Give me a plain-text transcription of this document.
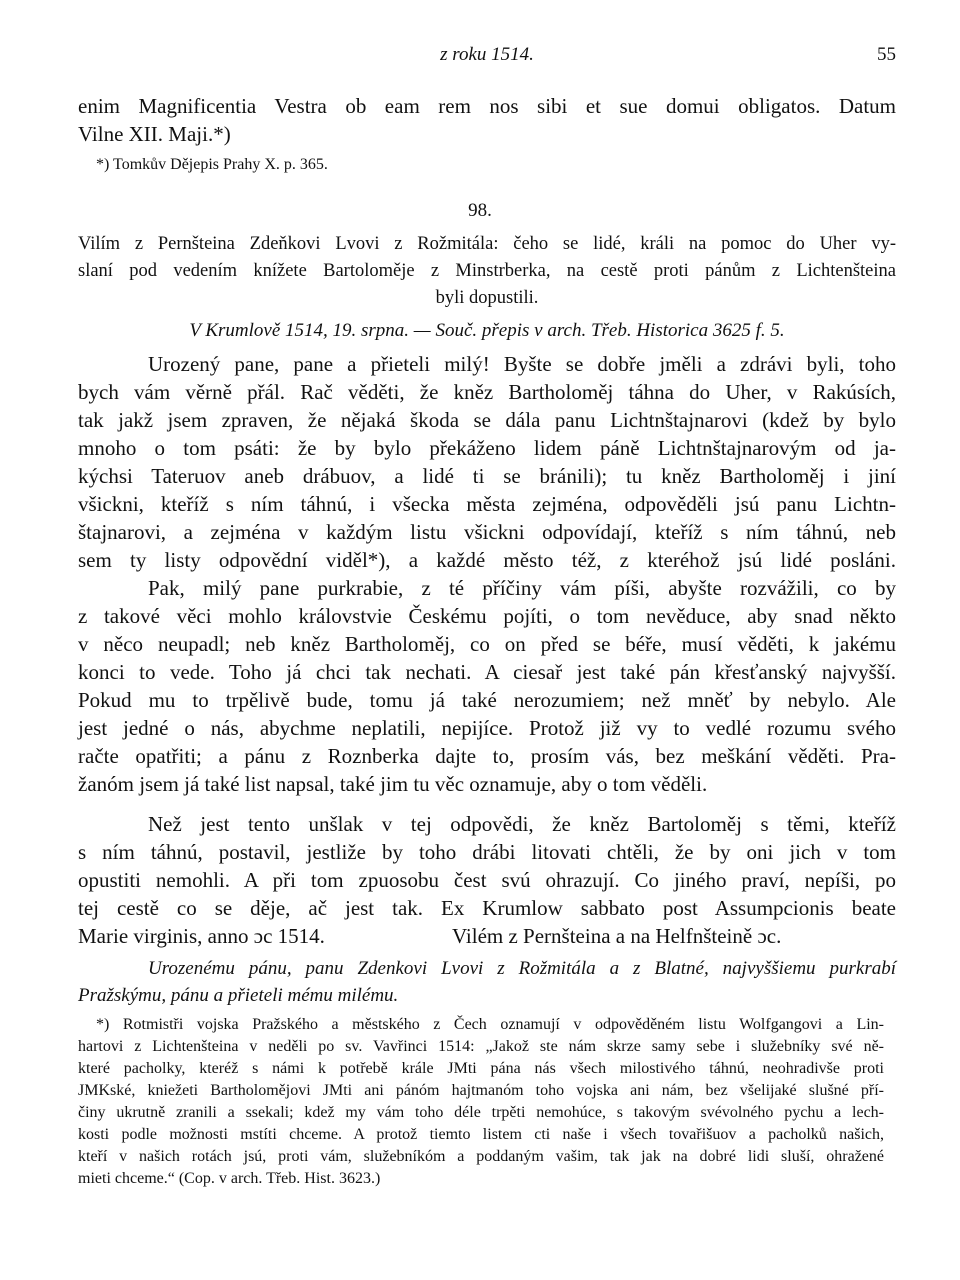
z roku 1514.	55
enim Magnificentia Vestra ob eam rem nos sibi et sue domui obligatos. Datum
Vilne XII. Maji.*)
*) Tomkův Dějepis Prahy X. p. 365.
98.
Vilím z Pernšteina Zdeňkovi Lvovi z Rožmitála: čeho se lidé, králi na pomoc do Uher vy-
slaní pod vedením knížete Bartoloměje z Minstrberka, na cestě proti pánům z Lichtenšteina
byli dopustili.
V Krumlově 1514, 19. srpna. — Souč. přepis v arch. Třeb. Historica 3625 f. 5.
Urozený pane, pane a přieteli milý! Byšte se dobře jměli a zdrávi byli, toho
bych vám věrně přál. Rač věděti, že kněz Bartholoměj táhna do Uher, v Rakúsích,
tak jakž jsem zpraven, že nějaká škoda se dála panu Lichtnštajnarovi (kdež by bylo
mnoho o tom psáti: že by bylo překáženo lidem páně Lichtnštajnarovým od ja-
kýchsi Tateruov aneb drábuov, a lidé ti se bránili); tu kněz Bartholoměj i jiní
všicknі, kteříž s ním táhnú, i všecka města zejména, odpověděli jsú panu Lichtn-
štajnarovi, a zejména v každým listu všicknі odpovídají, kteříž s ním táhnú, neb
sem ty listy odpovědní viděl*), a každé město též, z kteréhož jsú lidé posláni.
Pak, milý pane purkrabie, z té příčiny vám píši, abyšte rozvážili, co by
z takové věci mohlo královstvie Českému pojíti, o tom nevěduce, aby snad někto
v něco neupadl; neb kněz Bartholoměj, co on před se béře, musí věděti, k jakému
konci to vede. Toho já chci tak nechati. A ciesař jest také pán křesťanský najvyšší.
Pokud mu to trpělivě bude, tomu já také nerozumiem; než mněť by nebylo. Ale
jest jedné o nás, abychme neplatili, nepijíce. Protož již vy to vedlé rozumu svého
račte opatřiti; a pánu z Roznberka dajte to, prosím vás, bez meškání věděti. Pra-
žanóm jsem já také list napsal, také jim tu věc oznamuje, aby o tom věděli.
Než jest tento unšlak v tej odpovědi, že kněz Bartoloměj s těmi, kteříž
s ním táhnú, postavil, jestliže by toho drábi litovati chtěli, že by oni jich v tom
opustiti nemohli. A při tom zpuosobu čest svú ohrazují. Co jiného praví, nepíši, po
tej cestě co se děje, ač jest tak. Ex Krumlow sabbato post Assumpcionis beate
Marie virginis, anno ɔc 1514.	Vilém z Pernšteina a na Helfnšteině ɔc.
Urozenému pánu, panu Zdenkovi Lvovi z Rožmitála a z Blatné, najvyššiemu purkrabí
Pražskýmu, pánu a přieteli mému milému.
*) Rotmistři vojska Pražského a městského z Čech oznamují v odpověděném listu Wolfgangovi a Lin-
hartovi z Lichtenšteina v neděli po sv. Vavřinci 1514: „Jakož ste nám skrze samy sebe i služebníky své ně-
které pacholky, kteréž s námi k potřebě krále JMti pána nás všech milostivého táhnú, neohradivše proti
JMKské, kniežeti Bartholomějovi JMti ani pánóm hajtmanóm toho vojska ani nám, bez všelijaké slušné pří-
činy ukrutně zranili a ssekali; kdež my vám toho déle trpěti nemohúce, s takovým svévolného pychu a lech-
kosti podle možnosti mstíti chceme. A protož tiemto listem cti naše i všech tovařišuov a pacholků našich,
kteří v našich rotách jsú, proti vám, služebníkóm a poddaným vašim, tak jak na dobré lidi sluší, ohražené
mieti chceme.“ (Cop. v arch. Třeb. Hist. 3623.)
